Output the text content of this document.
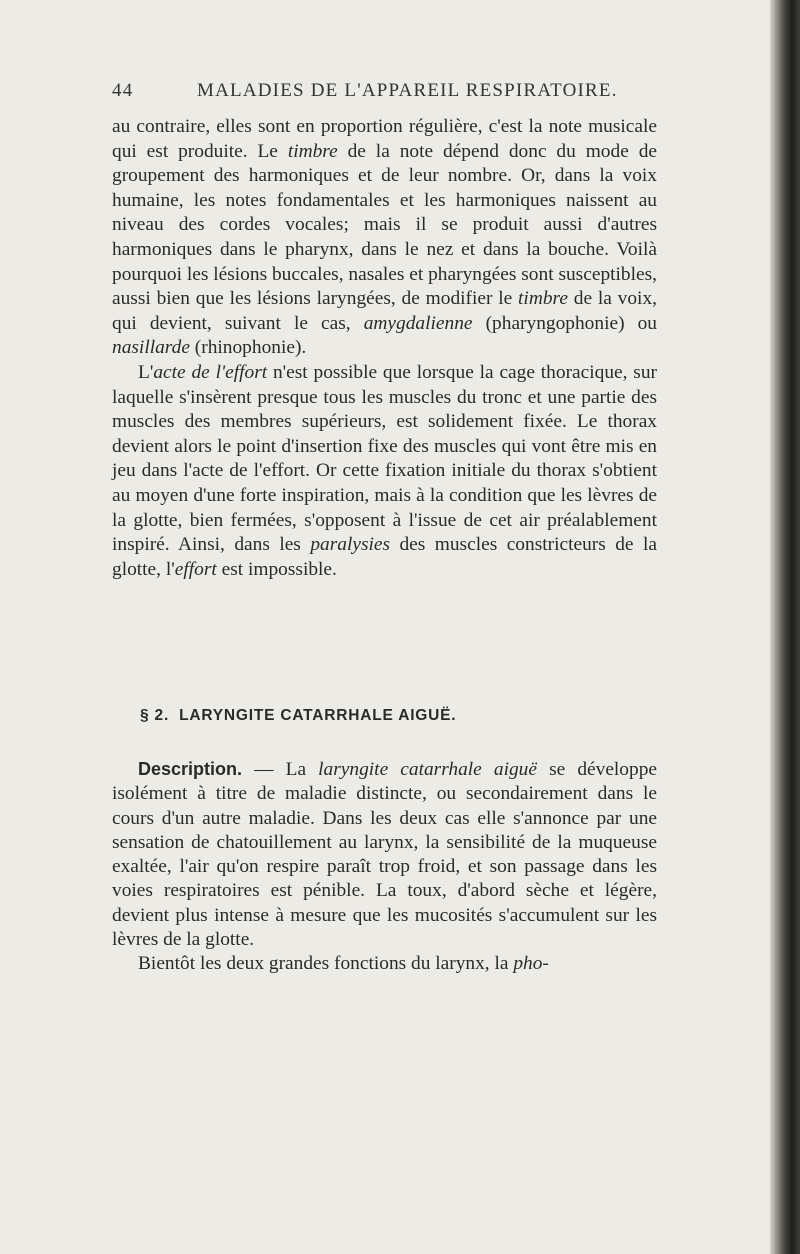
44	MALADIES DE L'APPAREIL RESPIRATOIRE.

au contraire, elles sont en proportion régulière, c'est la note musicale qui est produite. Le timbre de la note dépend donc du mode de groupement des harmoniques et de leur nombre. Or, dans la voix humaine, les notes fondamentales et les harmoniques naissent au niveau des cordes vocales; mais il se produit aussi d'autres harmoniques dans le pharynx, dans le nez et dans la bouche. Voilà pourquoi les lésions buccales, nasales et pharyngées sont susceptibles, aussi bien que les lésions laryngées, de modifier le timbre de la voix, qui devient, suivant le cas, amygdalienne (pharyngophonie) ou nasillarde (rhinophonie).

L'acte de l'effort n'est possible que lorsque la cage thoracique, sur laquelle s'insèrent presque tous les muscles du tronc et une partie des muscles des membres supérieurs, est solidement fixée. Le thorax devient alors le point d'insertion fixe des muscles qui vont être mis en jeu dans l'acte de l'effort. Or cette fixation initiale du thorax s'obtient au moyen d'une forte inspiration, mais à la condition que les lèvres de la glotte, bien fermées, s'opposent à l'issue de cet air préalablement inspiré. Ainsi, dans les paralysies des muscles constricteurs de la glotte, l'effort est impossible.

§ 2. LARYNGITE CATARRHALE AIGUË.

Description. — La laryngite catarrhale aiguë se développe isolément à titre de maladie distincte, ou secondairement dans le cours d'un autre maladie. Dans les deux cas elle s'annonce par une sensation de chatouillement au larynx, la sensibilité de la muqueuse exaltée, l'air qu'on respire paraît trop froid, et son passage dans les voies respiratoires est pénible. La toux, d'abord sèche et légère, devient plus intense à mesure que les mucosités s'accumulent sur les lèvres de la glotte.

Bientôt les deux grandes fonctions du larynx, la pho-
